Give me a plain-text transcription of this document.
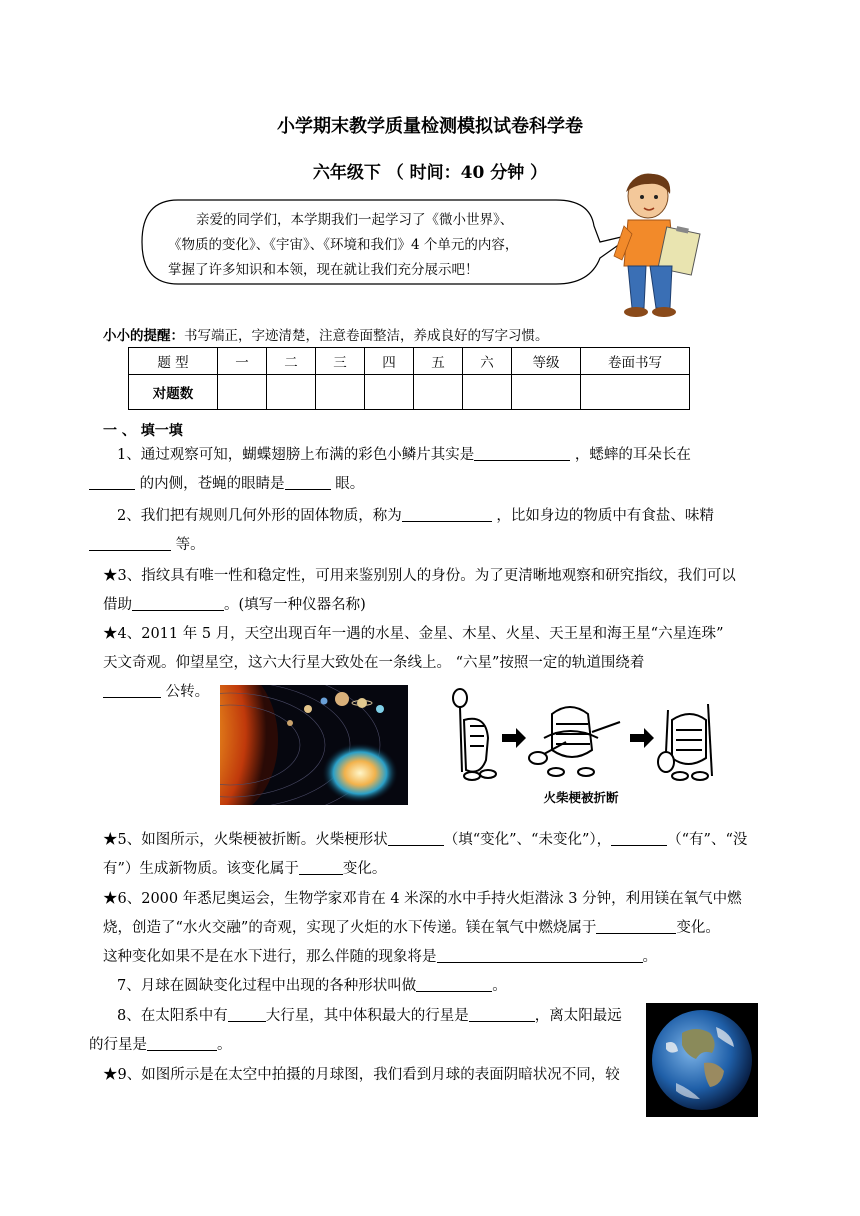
小学期末教学质量检测模拟试卷科学卷
六年级下 （ 时间：40 分钟 ）
亲爱的同学们，本学期我们一起学习了《微小世界》、
《物质的变化》、《宇宙》、《环境和我们》4 个单元的内容，
掌握了许多知识和本领，现在就让我们充分展示吧！
小小的提醒：书写端正，字迹清楚，注意卷面整洁，养成良好的写字习惯。
题 型	一	二	三	四	五	六	等级	卷面书写
对题数								
一 、 填一填
1、通过观察可知，蝴蝶翅膀上布满的彩色小鳞片其实是	，蟋蟀的耳朵长在
的内侧，苍蝇的眼睛是	眼。
2、我们把有规则几何外形的固体物质，称为	，比如身边的物质中有食盐、味精
等。
★3、指纹具有唯一性和稳定性，可用来鉴别别人的身份。为了更清晰地观察和研究指纹，我们可以
借助	。(填写一种仪器名称)
★4、2011 年 5 月，天空出现百年一遇的水星、金星、木星、火星、天王星和海王星“六星连珠”
天文奇观。仰望星空，这六大行星大致处在一条线上。 “六星”按照一定的轨道围绕着
公转。
火柴梗被折断
★5、如图所示，火柴梗被折断。火柴梗形状	（填“变化”、“未变化”），	（“有”、“没
有”）生成新物质。该变化属于	变化。
★6、2000 年悉尼奥运会，生物学家邓肯在 4 米深的水中手持火炬潜泳 3 分钟，利用镁在氧气中燃
烧，创造了“水火交融”的奇观，实现了火炬的水下传递。镁在氧气中燃烧属于	变化。
这种变化如果不是在水下进行，那么伴随的现象将是	。
7、月球在圆缺变化过程中出现的各种形状叫做	。
8、在太阳系中有	大行星，其中体积最大的行星是	，离太阳最远
的行星是	。
★9、如图所示是在太空中拍摄的月球图，我们看到月球的表面阴暗状况不同，较
